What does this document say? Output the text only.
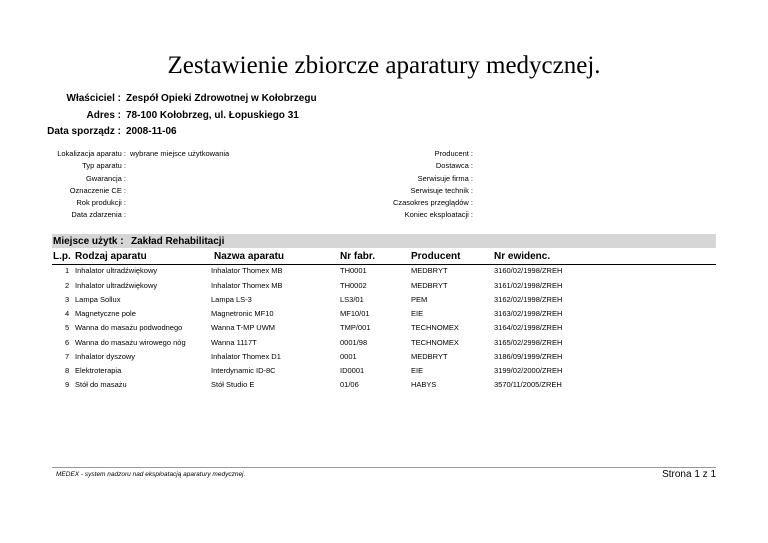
Zestawienie zbiorcze aparatury medycznej.
Właściciel : Zespół Opieki Zdrowotnej w Kołobrzegu
Adres : 78-100 Kołobrzeg, ul. Łopuskiego 31
Data sporządz : 2008-11-06
Lokalizacja aparatu : wybrane miejsce użytkowania
Typ aparatu :
Gwarancja :
Oznaczenie CE :
Rok produkcji :
Data zdarzenia :
Producent :
Dostawca :
Serwisuje firma :
Serwisuje technik :
Czasokres przeglądów :
Koniec eksploatacji :
Miejsce użytk : Zakład Rehabilitacji
L.p. Rodzaj aparatu	Nazwa aparatu	Nr fabr.	Producent	Nr ewidenc.
1 Inhalator ultradźwiękowy	Inhalator Thomex MB	TH0001	MEDBRYT	3160/02/1998/ZREH
2 Inhalator ultradźwiękowy	Inhalator Thomex MB	TH0002	MEDBRYT	3161/02/1998/ZREH
3 Lampa Sollux	Lampa LS-3	LS3/01	PEM	3162/02/1998/ZREH
4 Magnetyczne pole	Magnetronic MF10	MF10/01	EIE	3163/02/1998/ZREH
5 Wanna do masażu podwodnego	Wanna T-MP UWM	TMP/001	TECHNOMEX	3164/02/1998/ZREH
6 Wanna do masażu wirowego nóg	Wanna 1117T	0001/98	TECHNOMEX	3165/02/2998/ZREH
7 Inhalator dyszowy	Inhalator Thomex D1	0001	MEDBRYT	3186/09/1999/ZREH
8 Elektroterapia	Interdynamic ID-8C	ID0001	EIE	3199/02/2000/ZREH
9 Stół do masażu	Stół Studio E	01/06	HABYS	3570/11/2005/ZREH
MEDEX - system nadzoru nad eksploatacją aparatury medycznej.	Strona 1 z 1
